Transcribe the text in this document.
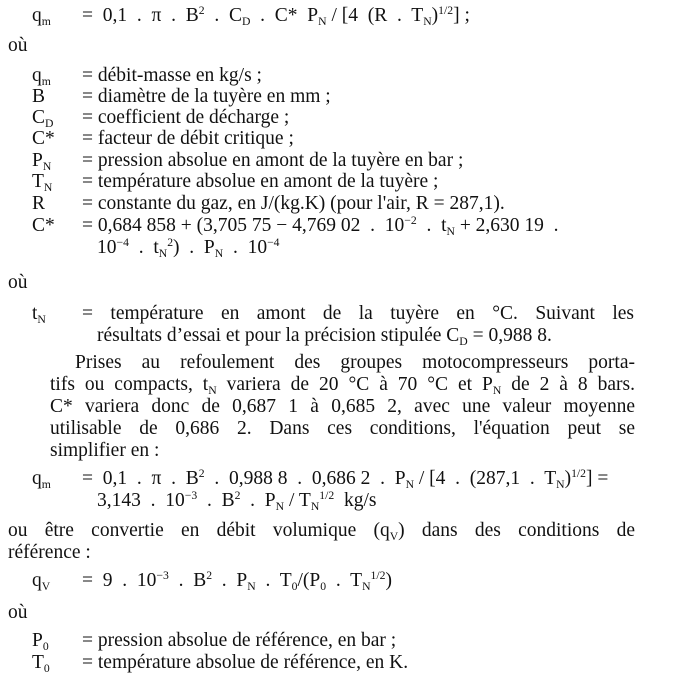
$q_m = 0,1$  .  π  .  $B^2$  .  $C_D$  .  C*  $P_N / [4$  (R  .  $T_N)^{1/2}$] ;
où
$q_m$ = débit-masse en kg/s ;
B = diamètre de la tuyère en mm ;
$C_D$ = coefficient de décharge ;
C* = facteur de débit critique ;
$P_N$ = pression absolue en amont de la tuyère en bar ;
$T_N$ = température absolue en amont de la tuyère ;
R = constante du gaz, en J/(kg.K) (pour l'air, R = 287,1).
C* = 0,684 858 + (3,705 75 − 4,769 02  .  $10^{-2}$  .  $t_N + 2,630$ 19  .
$10^{-4}$  .  $t_N^2$)  .  $P_N$  .  $10^{-4}$
où
$t_N$ = température en amont de la tuyère en °C. Suivant les
résultats d’essai et pour la précision stipulée $C_D = 0,988$ 8.
Prises au refoulement des groupes motocompresseurs porta-
tifs ou compacts, $t_N$ variera de 20 °C à 70 °C et $P_N$ de 2 à 8 bars.
C* variera donc de 0,687 1 à 0,685 2, avec une valeur moyenne
utilisable de 0,686 2. Dans ces conditions, l'équation peut se
simplifier en :
$q_m = 0,1$  .  π  .  $B^2$  .  0,988 8  .  0,686 2  .  $P_N / [4$  .  (287,1  .  $T_N)^{1/2}$] =
3,143  .  $10^{-3}$  .  $B^2$  .  $P_N / T_N^{1/2}$  kg/s
ou être convertie en débit volumique $(q_V)$ dans des conditions de
référence :
$q_V = 9$  .  $10^{-3}$  .  $B^2$  .  $P_N$  .  $T_0/(P_0$  .  $T_N^{1/2}$)
où
$P_0$ = pression absolue de référence, en bar ;
$T_0$ = température absolue de référence, en K.
